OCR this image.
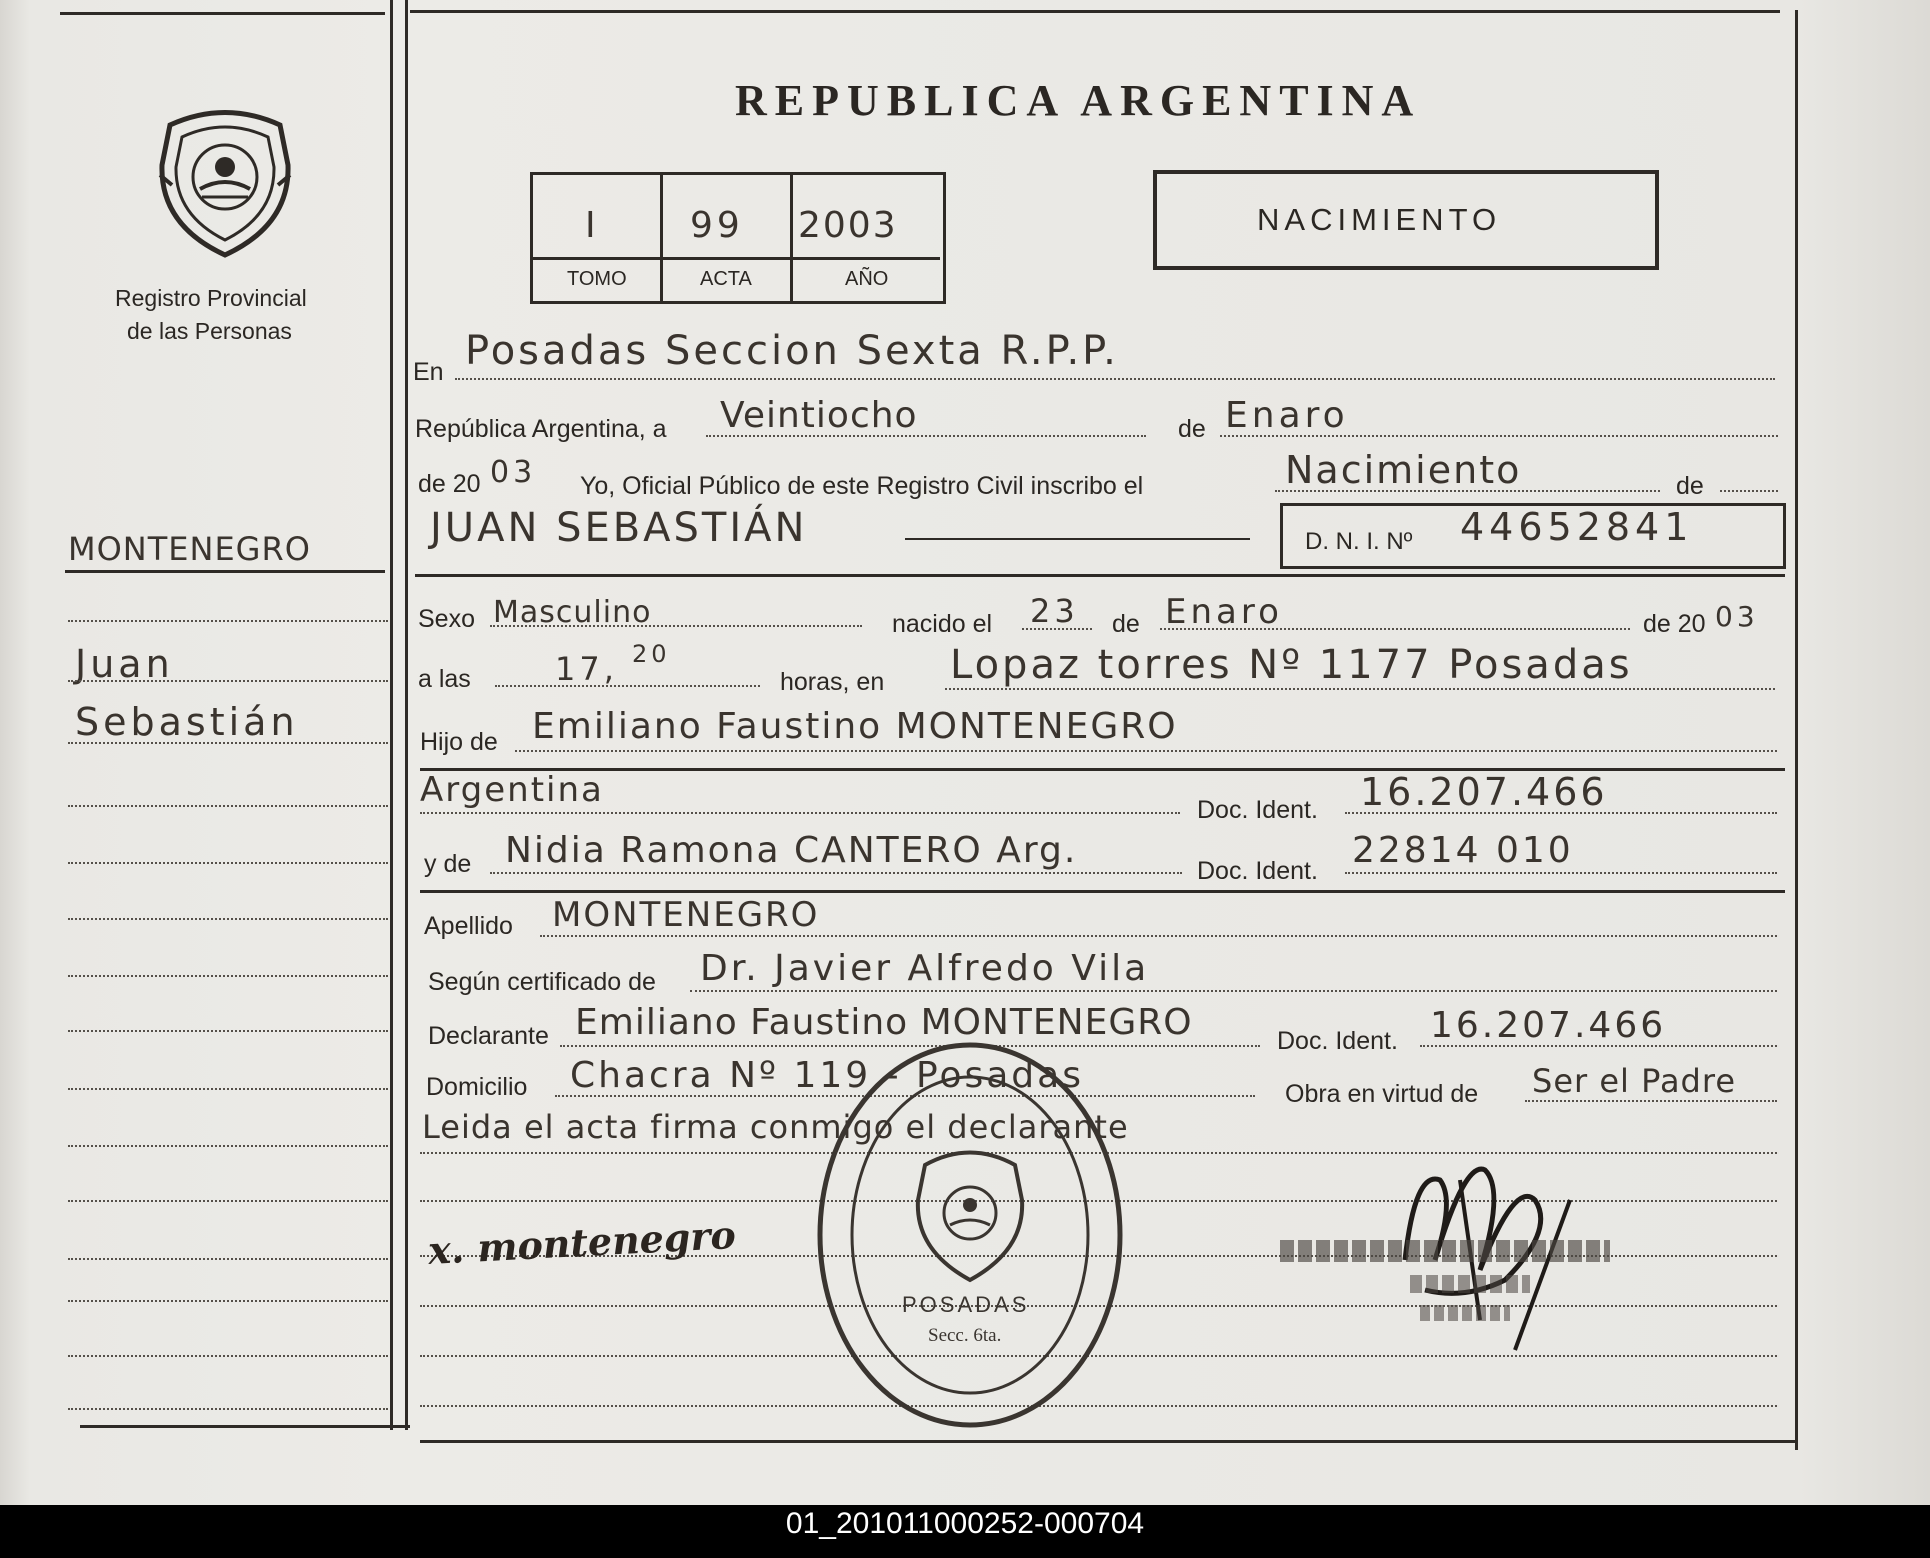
Registro Provincial
de las Personas
REPUBLICA ARGENTINA
I	99 2003
TOMO	ACTA	AÑO
NACIMIENTO
MONTENEGRO
Juan
Sebastián
En Posadas Seccion Sexta R.P.P.
República Argentina, a Veintiocho	de Enaro
de 20 03 Yo, Oficial Público de este Registro Civil inscribo el	Nacimiento	de
JUAN SEBASTIÁN	D. N. I. Nº 44652841
Sexo Masculino	nacido el 23 de Enaro	de 20 03
a las	17, 20
horas, en Lopaz torres Nº 1177 Posadas
Hijo de Emiliano Faustino MONTENEGRO
Argentina	Doc. Ident. 16.207.466
y de Nidia Ramona CANTERO Arg.	Doc. Ident. 22814 010
Apellido MONTENEGRO
Según certificado de Dr. Javier Alfredo Vila
Declarante Emiliano Faustino MONTENEGRO	Doc. Ident. 16.207.466
Domicilio Chacra Nº 119 - Posadas	Obra en virtud de Ser el Padre
Leida el acta firma conmigo el declarante
x. montenegro
POSADAS
Secc. 6ta.
01_201011000252-000704
